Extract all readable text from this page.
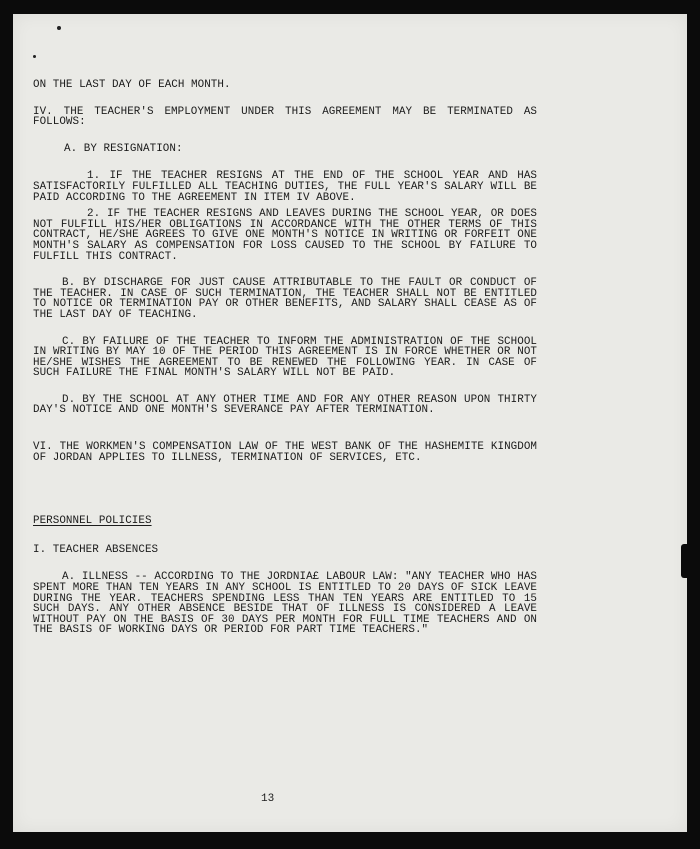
ON THE LAST DAY OF EACH MONTH.

IV. THE TEACHER'S EMPLOYMENT UNDER THIS AGREEMENT MAY BE TERMINATED AS FOLLOWS:

A. BY RESIGNATION:

1. IF THE TEACHER RESIGNS AT THE END OF THE SCHOOL YEAR AND HAS SATISFACTORILY FULFILLED ALL TEACHING DUTIES, THE FULL YEAR'S SALARY WILL BE PAID ACCORDING TO THE AGREEMENT IN ITEM IV ABOVE.

2. IF THE TEACHER RESIGNS AND LEAVES DURING THE SCHOOL YEAR, OR DOES NOT FULFILL HIS/HER OBLIGATIONS IN ACCORDANCE WITH THE OTHER TERMS OF THIS CONTRACT, HE/SHE AGREES TO GIVE ONE MONTH'S NOTICE IN WRITING OR FORFEIT ONE MONTH'S SALARY AS COMPENSATION FOR LOSS CAUSED TO THE SCHOOL BY FAILURE TO FULFILL THIS CONTRACT.

B. BY DISCHARGE FOR JUST CAUSE ATTRIBUTABLE TO THE FAULT OR CONDUCT OF THE TEACHER. IN CASE OF SUCH TERMINATION, THE TEACHER SHALL NOT BE ENTITLED TO NOTICE OR TERMINATION PAY OR OTHER BENEFITS, AND SALARY SHALL CEASE AS OF THE LAST DAY OF TEACHING.

C. BY FAILURE OF THE TEACHER TO INFORM THE ADMINISTRATION OF THE SCHOOL IN WRITING BY MAY 10 OF THE PERIOD THIS AGREEMENT IS IN FORCE WHETHER OR NOT HE/SHE WISHES THE AGREEMENT TO BE RENEWED THE FOLLOWING YEAR. IN CASE OF SUCH FAILURE THE FINAL MONTH'S SALARY WILL NOT BE PAID.

D. BY THE SCHOOL AT ANY OTHER TIME AND FOR ANY OTHER REASON UPON THIRTY DAY'S NOTICE AND ONE MONTH'S SEVERANCE PAY AFTER TERMINATION.

VI. THE WORKMEN'S COMPENSATION LAW OF THE WEST BANK OF THE HASHEMITE KINGDOM OF JORDAN APPLIES TO ILLNESS, TERMINATION OF SERVICES, ETC.

PERSONNEL POLICIES

I. TEACHER ABSENCES

A. ILLNESS -- ACCORDING TO THE JORDNIA£ LABOUR LAW: "ANY TEACHER WHO HAS SPENT MORE THAN TEN YEARS IN ANY SCHOOL IS ENTITLED TO 20 DAYS OF SICK LEAVE DURING THE YEAR. TEACHERS SPENDING LESS THAN TEN YEARS ARE ENTITLED TO 15 SUCH DAYS. ANY OTHER ABSENCE BESIDE THAT OF ILLNESS IS CONSIDERED A LEAVE WITHOUT PAY ON THE BASIS OF 30 DAYS PER MONTH FOR FULL TIME TEACHERS AND ON THE BASIS OF WORKING DAYS OR PERIOD FOR PART TIME TEACHERS."

13
